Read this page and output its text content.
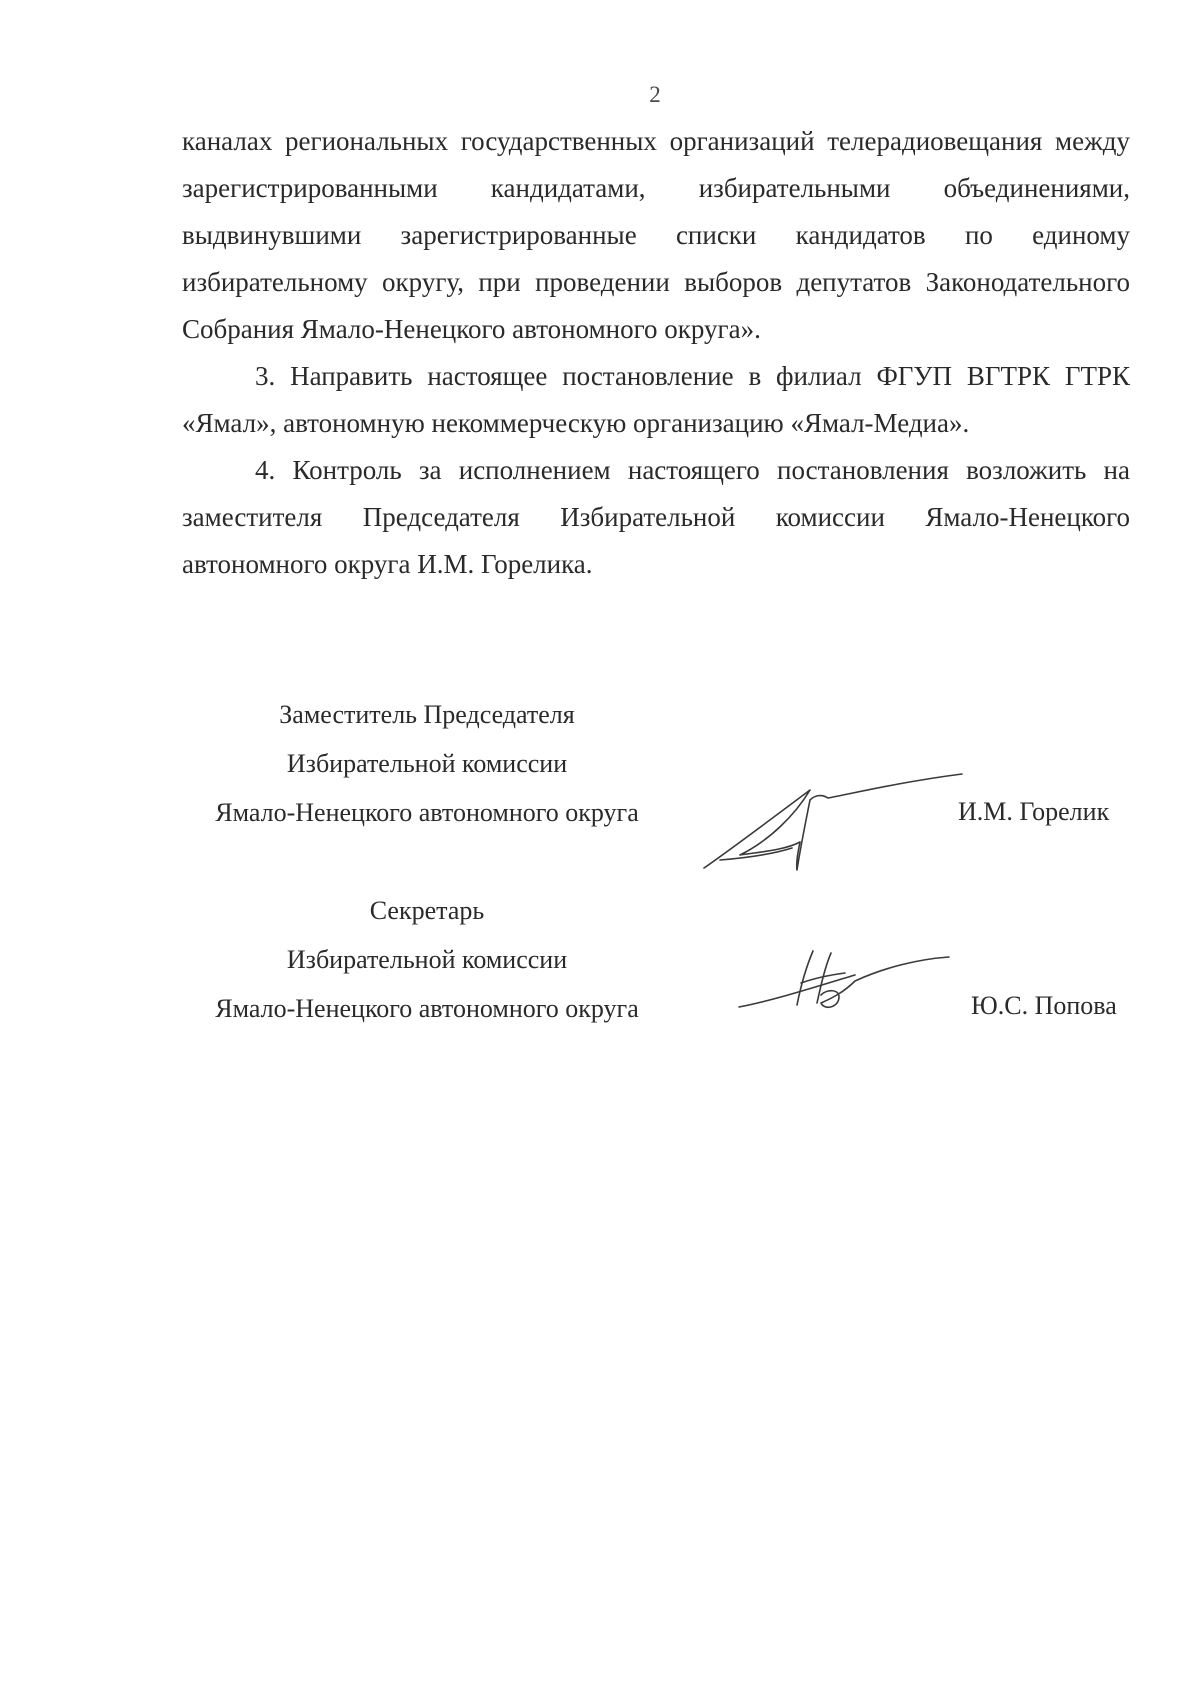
2

каналах региональных государственных организаций телерадиовещания между зарегистрированными кандидатами, избирательными объединениями, выдвинувшими зарегистрированные списки кандидатов по единому избирательному округу, при проведении выборов депутатов Законодательного Собрания Ямало-Ненецкого автономного округа».

3. Направить настоящее постановление в филиал ФГУП ВГТРК ГТРК «Ямал», автономную некоммерческую организацию «Ямал-Медиа».

4. Контроль за исполнением настоящего постановления возложить на заместителя Председателя Избирательной комиссии Ямало-Ненецкого автономного округа И.М. Горелика.

Заместитель Председателя
Избирательной комиссии
Ямало-Ненецкого автономного округа	И.М. Горелик
Секретарь
Избирательной комиссии
Ямало-Ненецкого автономного округа	Ю.С. Попова
